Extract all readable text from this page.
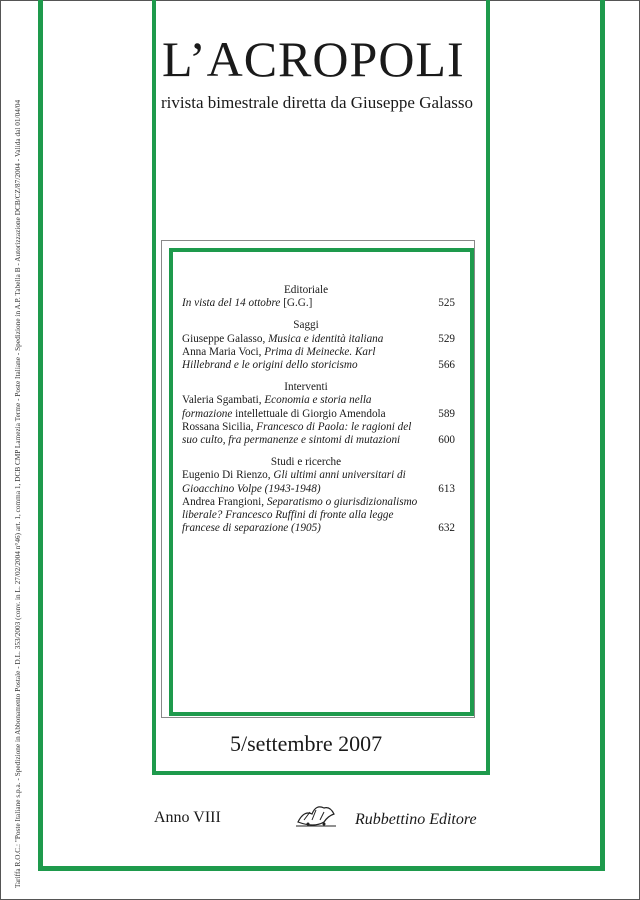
Tariffa R.O.C.: "Poste Italiane s.p.a. - Spedizione in Abbonamento Postale - D.L. 353/2003 (conv. in L. 27/02/2004 n°46) art. 1, comma 1, DCB CMP Lamezia Terme - Poste Italiane - Spedizione in A.P. Tabella B - Autorizzazione DCB/CZ/87/2004 - Valida dal 01/04/04
L’ACROPOLI
rivista bimestrale diretta da Giuseppe Galasso
Editoriale
In vista del 14 ottobre [G.G.]	525
Saggi
Giuseppe Galasso, Musica e identità italiana	529
Anna Maria Voci, Prima di Meinecke. Karl Hillebrand e le origini dello storicismo	566
Interventi
Valeria Sgambati, Economia e storia nella formazione intellettuale di Giorgio Amendola	589
Rossana Sicilia, Francesco di Paola: le ragioni del suo culto, fra permanenze e sintomi di mutazioni	600
Studi e ricerche
Eugenio Di Rienzo, Gli ultimi anni universitari di Gioacchino Volpe (1943-1948)	613
Andrea Frangioni, Separatismo o giurisdizionalismo liberale? Francesco Ruffini di fronte alla legge francese di separazione (1905)	632
5/settembre 2007
Anno VIII	Rubbettino Editore
